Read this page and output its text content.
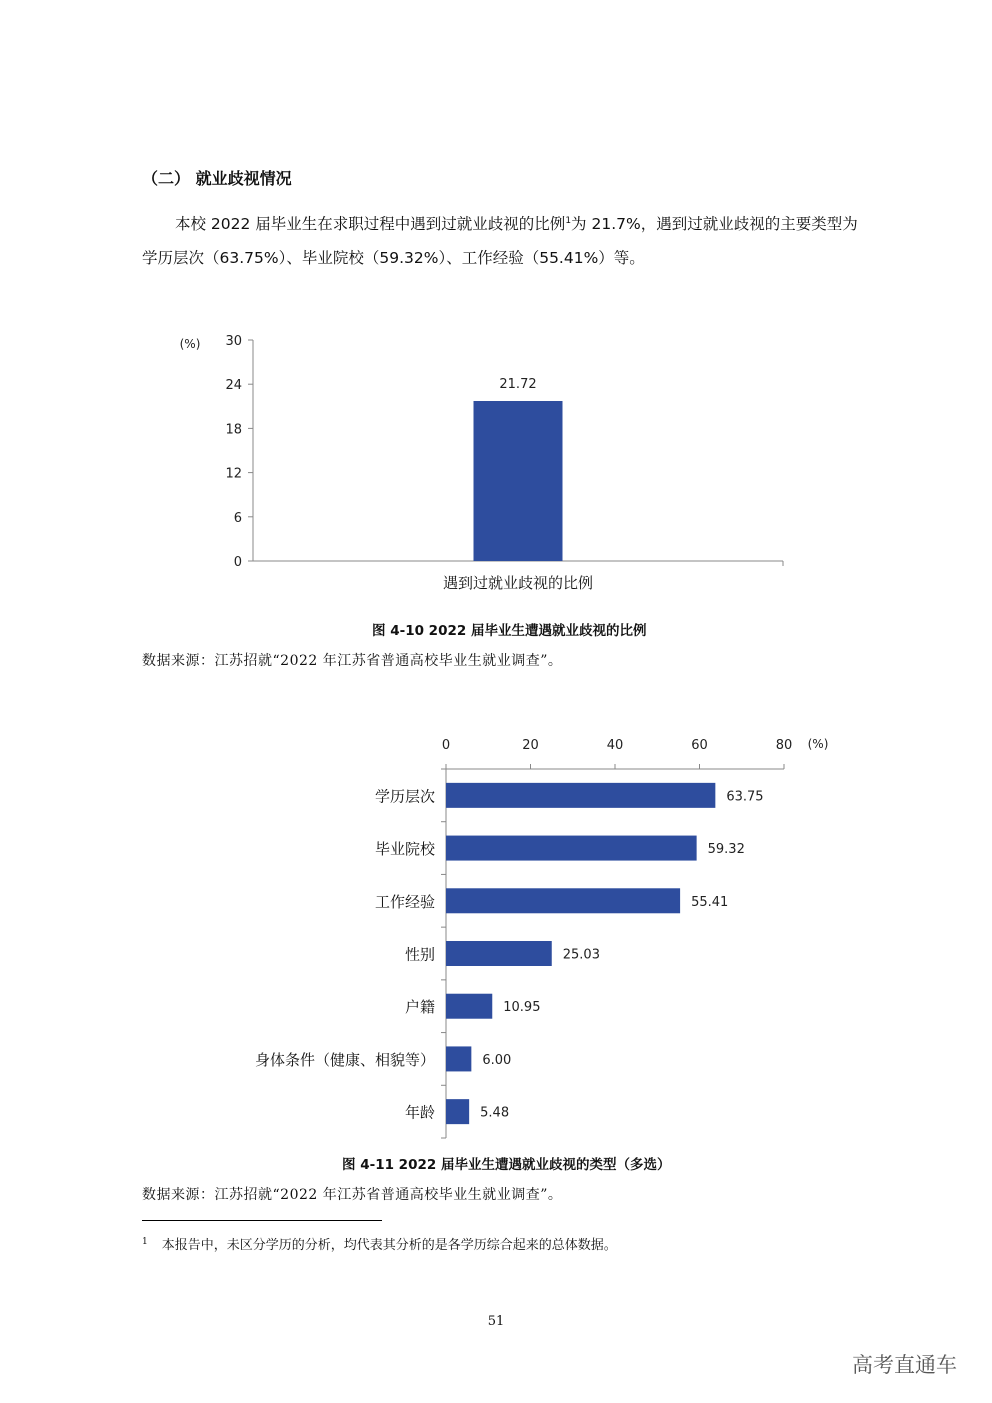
（二） 就业歧视情况
本校 2022 届毕业生在求职过程中遇到过就业歧视的比例$^1$为 21.7%，遇到过就业歧视的主要类型为学历层次（63.75%）、毕业院校（59.32%）、工作经验（55.41%）等。
0
6
12
18
24
30
(%)
21.72
遇到过就业歧视的比例
0	20	40	60	80 (%)
63.75
学历层次
59.32
毕业院校
55.41
工作经验
25.03
性别
10.95
户籍
6.00
身体条件（健康、相貌等）
5.48
年龄
图 4-10 2022 届毕业生遭遇就业歧视的比例
数据来源：江苏招就“2022 年江苏省普通高校毕业生就业调查”。
图 4-11 2022 届毕业生遭遇就业歧视的类型（多选）
数据来源：江苏招就“2022 年江苏省普通高校毕业生就业调查”。
$^1$ 本报告中，未区分学历的分析，均代表其分析的是各学历综合起来的总体数据。
51
高考直通车
